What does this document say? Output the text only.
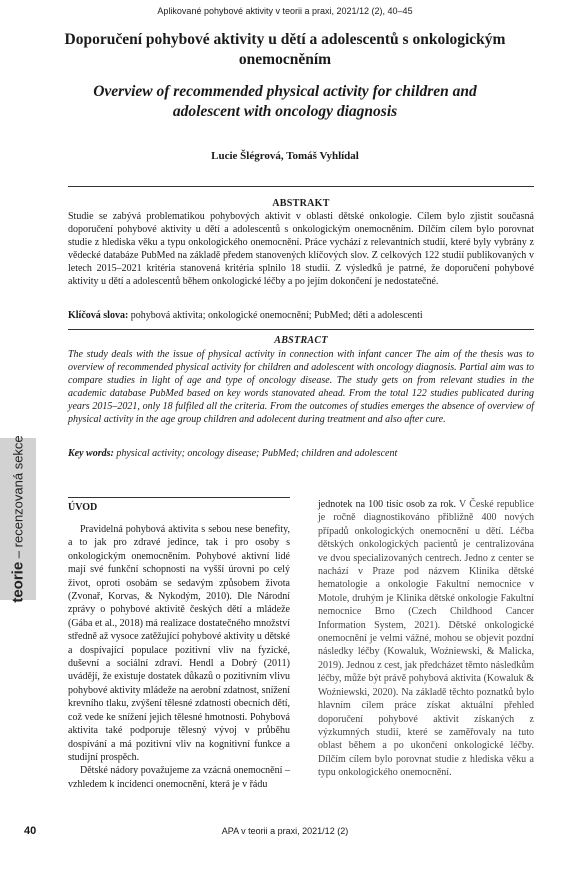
Aplikované pohybové aktivity v teorii a praxi, 2021/12 (2), 40–45
Doporučení pohybové aktivity u dětí a adolescentů s onkologickým onemocněním
Overview of recommended physical activity for children and adolescent with oncology diagnosis
Lucie Šlégrová, Tomáš Vyhlídal
ABSTRAKT

Studie se zabývá problematikou pohybových aktivit v oblasti dětské onkologie. Cílem bylo zjistit současná doporučení pohybové aktivity u dětí a adolescentů s onkologickým onemocněním. Dílčím cílem bylo porovnat studie z hlediska věku a typu onkologického onemocnění. Práce vychází z relevantních studií, které byly vybrány z vědecké databáze PubMed na základě předem stanovených klíčových slov. Z celkových 122 studií publikovaných v letech 2015–2021 kritéria stanovená kritéria splnilo 18 studií. Z výsledků je patrné, že doporučení pohybové aktivity u dětí a adolescentů během onkologické léčby a po jejím dokončení je nedostatečné.

Klíčová slova: pohybová aktivita; onkologické onemocnění; PubMed; děti a adolescenti

ABSTRACT

The study deals with the issue of physical activity in connection with infant cancer The aim of the thesis was to overview of recommended physical activity for children and adolescent with oncology diagnosis. Partial aim was to compare studies in light of age and type of oncology disease. The study gets on from relevant studies in the academic database PubMed based on key words stanovated ahead. From the total 122 studies publicated during years 2015–2021, only 18 fulfiled all the criteria. From the outcomes of studies emerges the absence of overview of physical activity in the age group children and adolecent during treatment and also after cure.

Key words: physical activity; oncology disease; PubMed; children and adolescent

teorie – recenzovaná sekce	ÚVOD

Pravidelná pohybová aktivita s sebou nese benefity, a to jak pro zdravé jedince, tak i pro osoby s onkologickým onemocněním. Pohybové aktivní lidé mají své funkční schopnosti na vyšší úrovni po celý život, oproti osobám se sedavým způsobem života (Zvonař, Korvas, & Nykodým, 2010). Dle Národní zprávy o pohybové aktivitě českých dětí a mládeže (Gába et al., 2018) má realizace dostatečného množství středně až vysoce zatěžující pohybové aktivity u dětské a dospívající populace pozitivní vliv na fyzické, duševní a sociální zdraví. Hendl a Dobrý (2011) uvádějí, že existuje dostatek důkazů o pozitivním vlivu pohybové aktivity mládeže na aerobní zdatnost, snížení krevního tlaku, zvýšení tělesné zdatnosti obecních dětí, což vede ke snížení jejich tělesné hmotnosti. Pohybová aktivita také podporuje tělesný vývoj v průběhu dospívání a má pozitivní vliv na kognitivní funkce a studijní prospěch.

Dětské nádory považujeme za vzácná onemocnění – vzhledem k incidenci onemocnění, která je v řádu

jednotek na 100 tisíc osob za rok. V České republice je ročně diagnostikováno přibližně 400 nových případů onkologických onemocnění u dětí. Léčba dětských onkologických pacientů je centralizována ve dvou specializovaných centrech. Jedno z center se nachází v Praze pod názvem Klinika dětské hematologie a onkologie Fakultní nemocnice v Motole, druhým je Klinika dětské onkologie Fakultní nemocnice Brno (Czech Childhood Cancer Information System, 2021). Dětské onkologické onemocnění je velmi vážné, mohou se objevit pozdní následky léčby (Kowaluk, Woźniewski, & Malicka, 2019). Jednou z cest, jak předcházet těmto následkům léčby, může být právě pohybová aktivita (Kowaluk & Woźniewski, 2020). Na základě těchto poznatků bylo hlavním cílem práce získat aktuální přehled doporučení pohybové aktivit získaných z výzkumných studií, které se zaměřovaly na tuto oblast během a po ukončení onkologické léčby. Dílčím cílem bylo porovnat studie z hlediska věku a typu onkologického onemocnění.

40	APA v teorii a praxi, 2021/12 (2)
